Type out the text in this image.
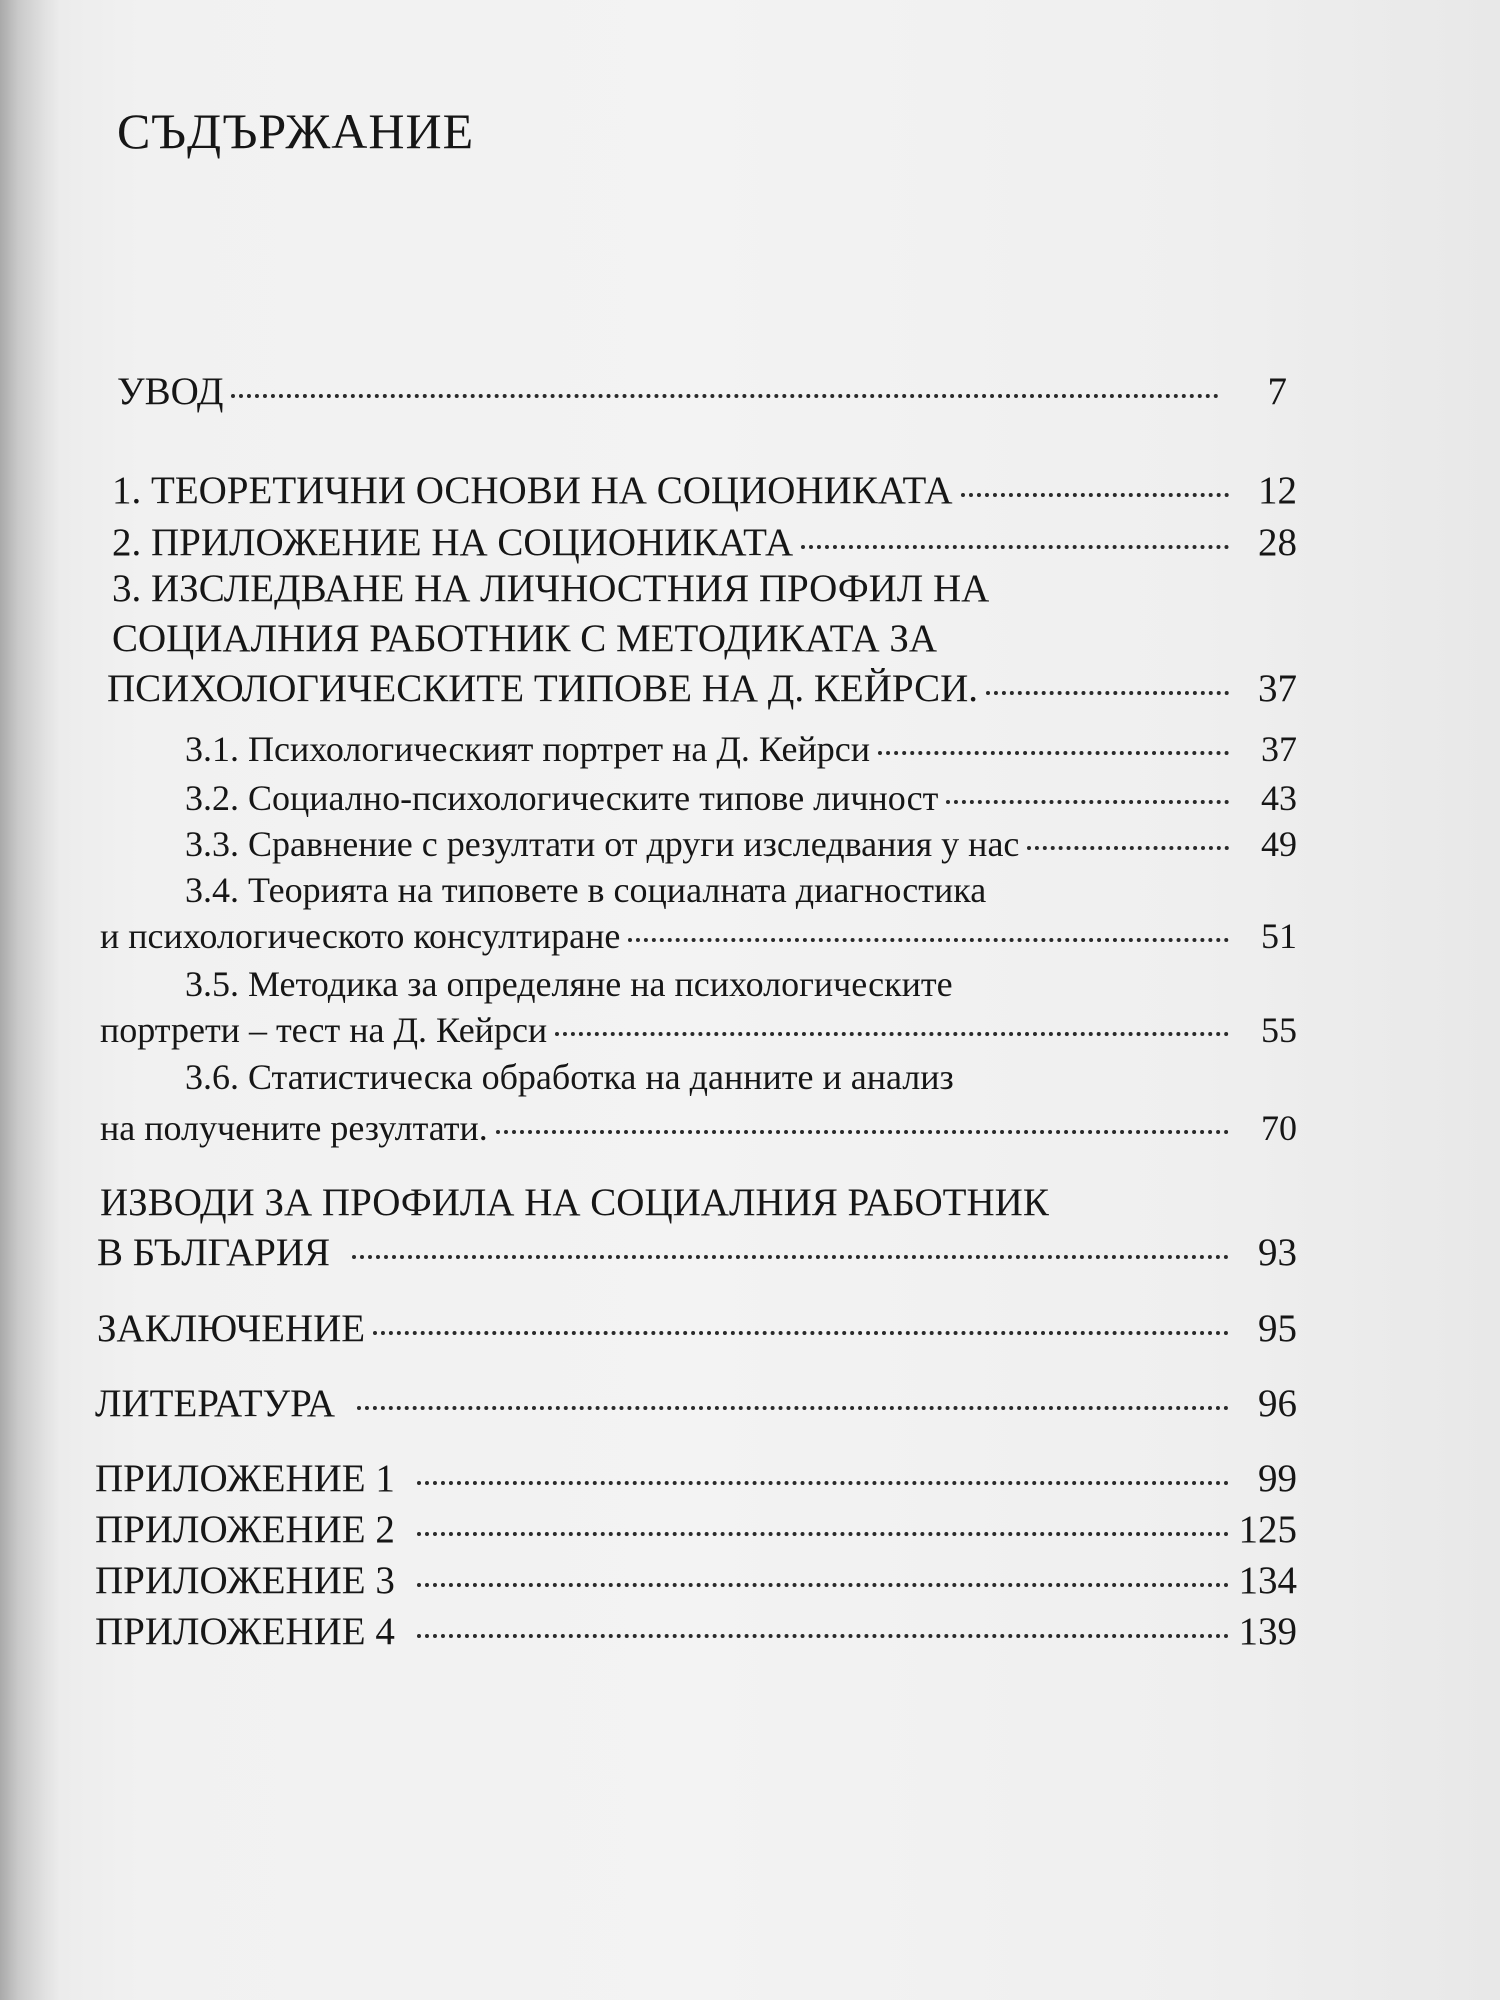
СЪДЪРЖАНИЕ
УВОД	7
1. ТЕОРЕТИЧНИ ОСНОВИ НА СОЦИОНИКАТА	12
2. ПРИЛОЖЕНИЕ НА СОЦИОНИКАТА	28
3. ИЗСЛЕДВАНЕ НА ЛИЧНОСТНИЯ ПРОФИЛ НА
СОЦИАЛНИЯ РАБОТНИК С МЕТОДИКАТА ЗА
ПСИХОЛОГИЧЕСКИТЕ ТИПОВЕ НА Д. КЕЙРСИ.	37
3.1. Психологическият портрет на Д. Кейрси	37
3.2. Социално-психологическите типове личност	43
3.3. Сравнение с резултати от други изследвания у нас	49
3.4. Теорията на типовете в социалната диагностика
и психологическото консултиране	51
3.5. Методика за определяне на психологическите
портрети – тест на Д. Кейрси	55
3.6. Статистическа обработка на данните и анализ
на получените резултати.	70
ИЗВОДИ ЗА ПРОФИЛА НА СОЦИАЛНИЯ РАБОТНИК
В БЪЛГАРИЯ	93
ЗАКЛЮЧЕНИЕ	95
ЛИТЕРАТУРА	96
ПРИЛОЖЕНИЕ 1	99
ПРИЛОЖЕНИЕ 2	125
ПРИЛОЖЕНИЕ 3	134
ПРИЛОЖЕНИЕ 4	139
